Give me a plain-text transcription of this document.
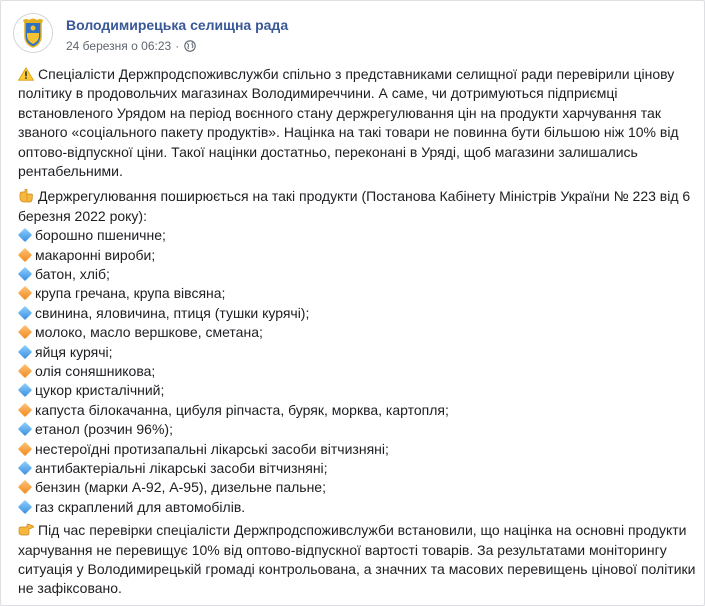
Володимирецька селищна рада
24 березня о 06:23 ·

Спеціалісти Держпродспоживслужби спільно з представниками селищної ради перевірили цінову політику в продовольчих магазинах Володимиреччини. А саме, чи дотримуються підприємці встановленого Урядом на період воєнного стану держрегулювання цін на продукти харчування так званого «соціального пакету продуктів». Націнка на такі товари не повинна бути більшою ніж 10% від оптово-відпускної ціни. Такої націнки достатньо, переконані в Уряді, щоб магазини залишались рентабельними.

Держрегулювання поширюється на такі продукти (Постанова Кабінету Міністрів України № 223 від 6 березня 2022 року):

борошно пшеничне;
макаронні вироби;
батон, хліб;
крупа гречана, крупа вівсяна;
свинина, яловичина, птиця (тушки курячі);
молоко, масло вершкове, сметана;
яйця курячі;
олія соняшникова;
цукор кристалічний;
капуста білокачанна, цибуля ріпчаста, буряк, морква, картопля;
етанол (розчин 96%);
нестероїдні протизапальні лікарські засоби вітчизняні;
антибактеріальні лікарські засоби вітчизняні;
бензин (марки А-92, А-95), дизельне пальне;
газ скраплений для автомобілів.

Під час перевірки спеціалісти Держпродспоживслужби встановили, що націнка на основні продукти харчування не перевищує 10% від оптово-відпускної вартості товарів. За результатами моніторингу ситуація у Володимирецькій громаді контрольована, а значних та масових перевищень цінової політики не зафіксовано.
